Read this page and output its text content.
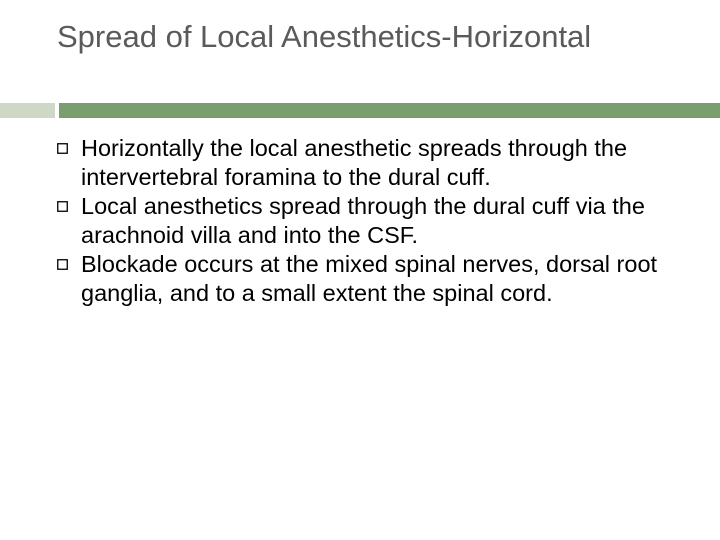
Spread of Local Anesthetics-Horizontal
Horizontally the local anesthetic spreads through the intervertebral foramina to the dural cuff.
Local anesthetics spread through the dural cuff via the arachnoid villa and into the CSF.
Blockade occurs at the mixed spinal nerves, dorsal root ganglia, and to a small extent the spinal cord.
